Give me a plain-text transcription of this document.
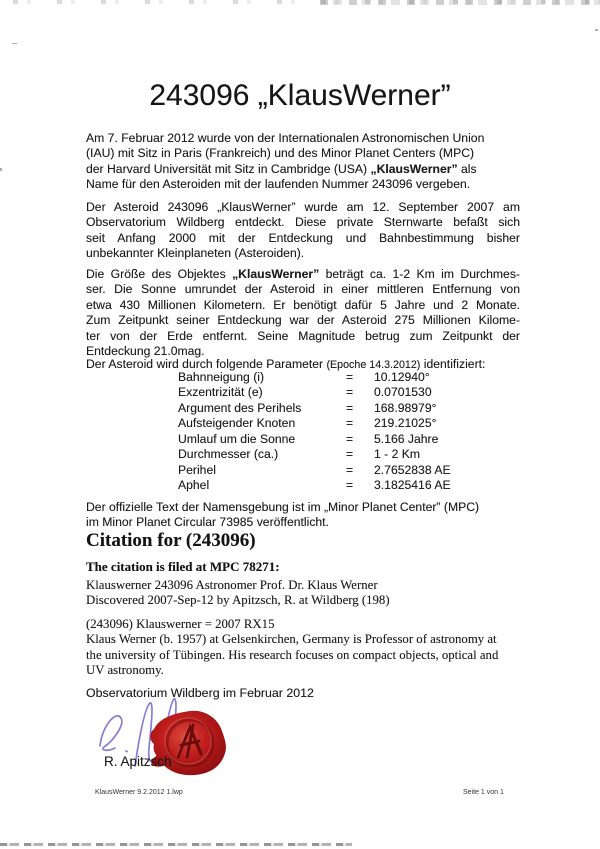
243096 „KlausWerner”
Am 7. Februar 2012 wurde von der Internationalen Astronomischen Union
(IAU) mit Sitz in Paris (Frankreich) und des Minor Planet Centers (MPC)
der Harvard Universität mit Sitz in Cambridge (USA) „KlausWerner” als
Name für den Asteroiden mit der laufenden Nummer 243096 vergeben.
Der Asteroid 243096 „KlausWerner” wurde am 12. September 2007 am
Observatorium Wildberg entdeckt. Diese private Sternwarte befaßt sich
seit Anfang 2000 mit der Entdeckung und Bahnbestimmung bisher
unbekannter Kleinplaneten (Asteroiden).
Die Größe des Objektes „KlausWerner” beträgt ca. 1-2 Km im Durchmes-
ser. Die Sonne umrundet der Asteroid in einer mittleren Entfernung von
etwa 430 Millionen Kilometern. Er benötigt dafür 5 Jahre und 2 Monate.
Zum Zeitpunkt seiner Entdeckung war der Asteroid 275 Millionen Kilome-
ter von der Erde entfernt. Seine Magnitude betrug zum Zeitpunkt der
Entdeckung 21.0mag.
Der Asteroid wird durch folgende Parameter (Epoche 14.3.2012) identifiziert:
Bahnneigung (i)	= 10.12940°
Exzentrizität (e)	= 0.0701530
Argument des Perihels	= 168.98979°
Aufsteigender Knoten	= 219.21025°
Umlauf um die Sonne	= 5.166 Jahre
Durchmesser (ca.)	= 1 - 2 Km
Perihel	= 2.7652838 AE
Aphel	= 3.1825416 AE
Der offizielle Text der Namensgebung ist im „Minor Planet Center” (MPC)
im Minor Planet Circular 73985 veröffentlicht.
Citation for (243096)
The citation is filed at MPC 78271:
Klauswerner 243096 Astronomer Prof. Dr. Klaus Werner
Discovered 2007-Sep-12 by Apitzsch, R. at Wildberg (198)
(243096) Klauswerner = 2007 RX15
Klaus Werner (b. 1957) at Gelsenkirchen, Germany is Professor of astronomy at
the university of Tübingen. His research focuses on compact objects, optical and
UV astronomy.
Observatorium Wildberg im Februar 2012
R. Apitzsch
KlausWerner 9.2.2012 1.lwp	Seite 1 von 1
